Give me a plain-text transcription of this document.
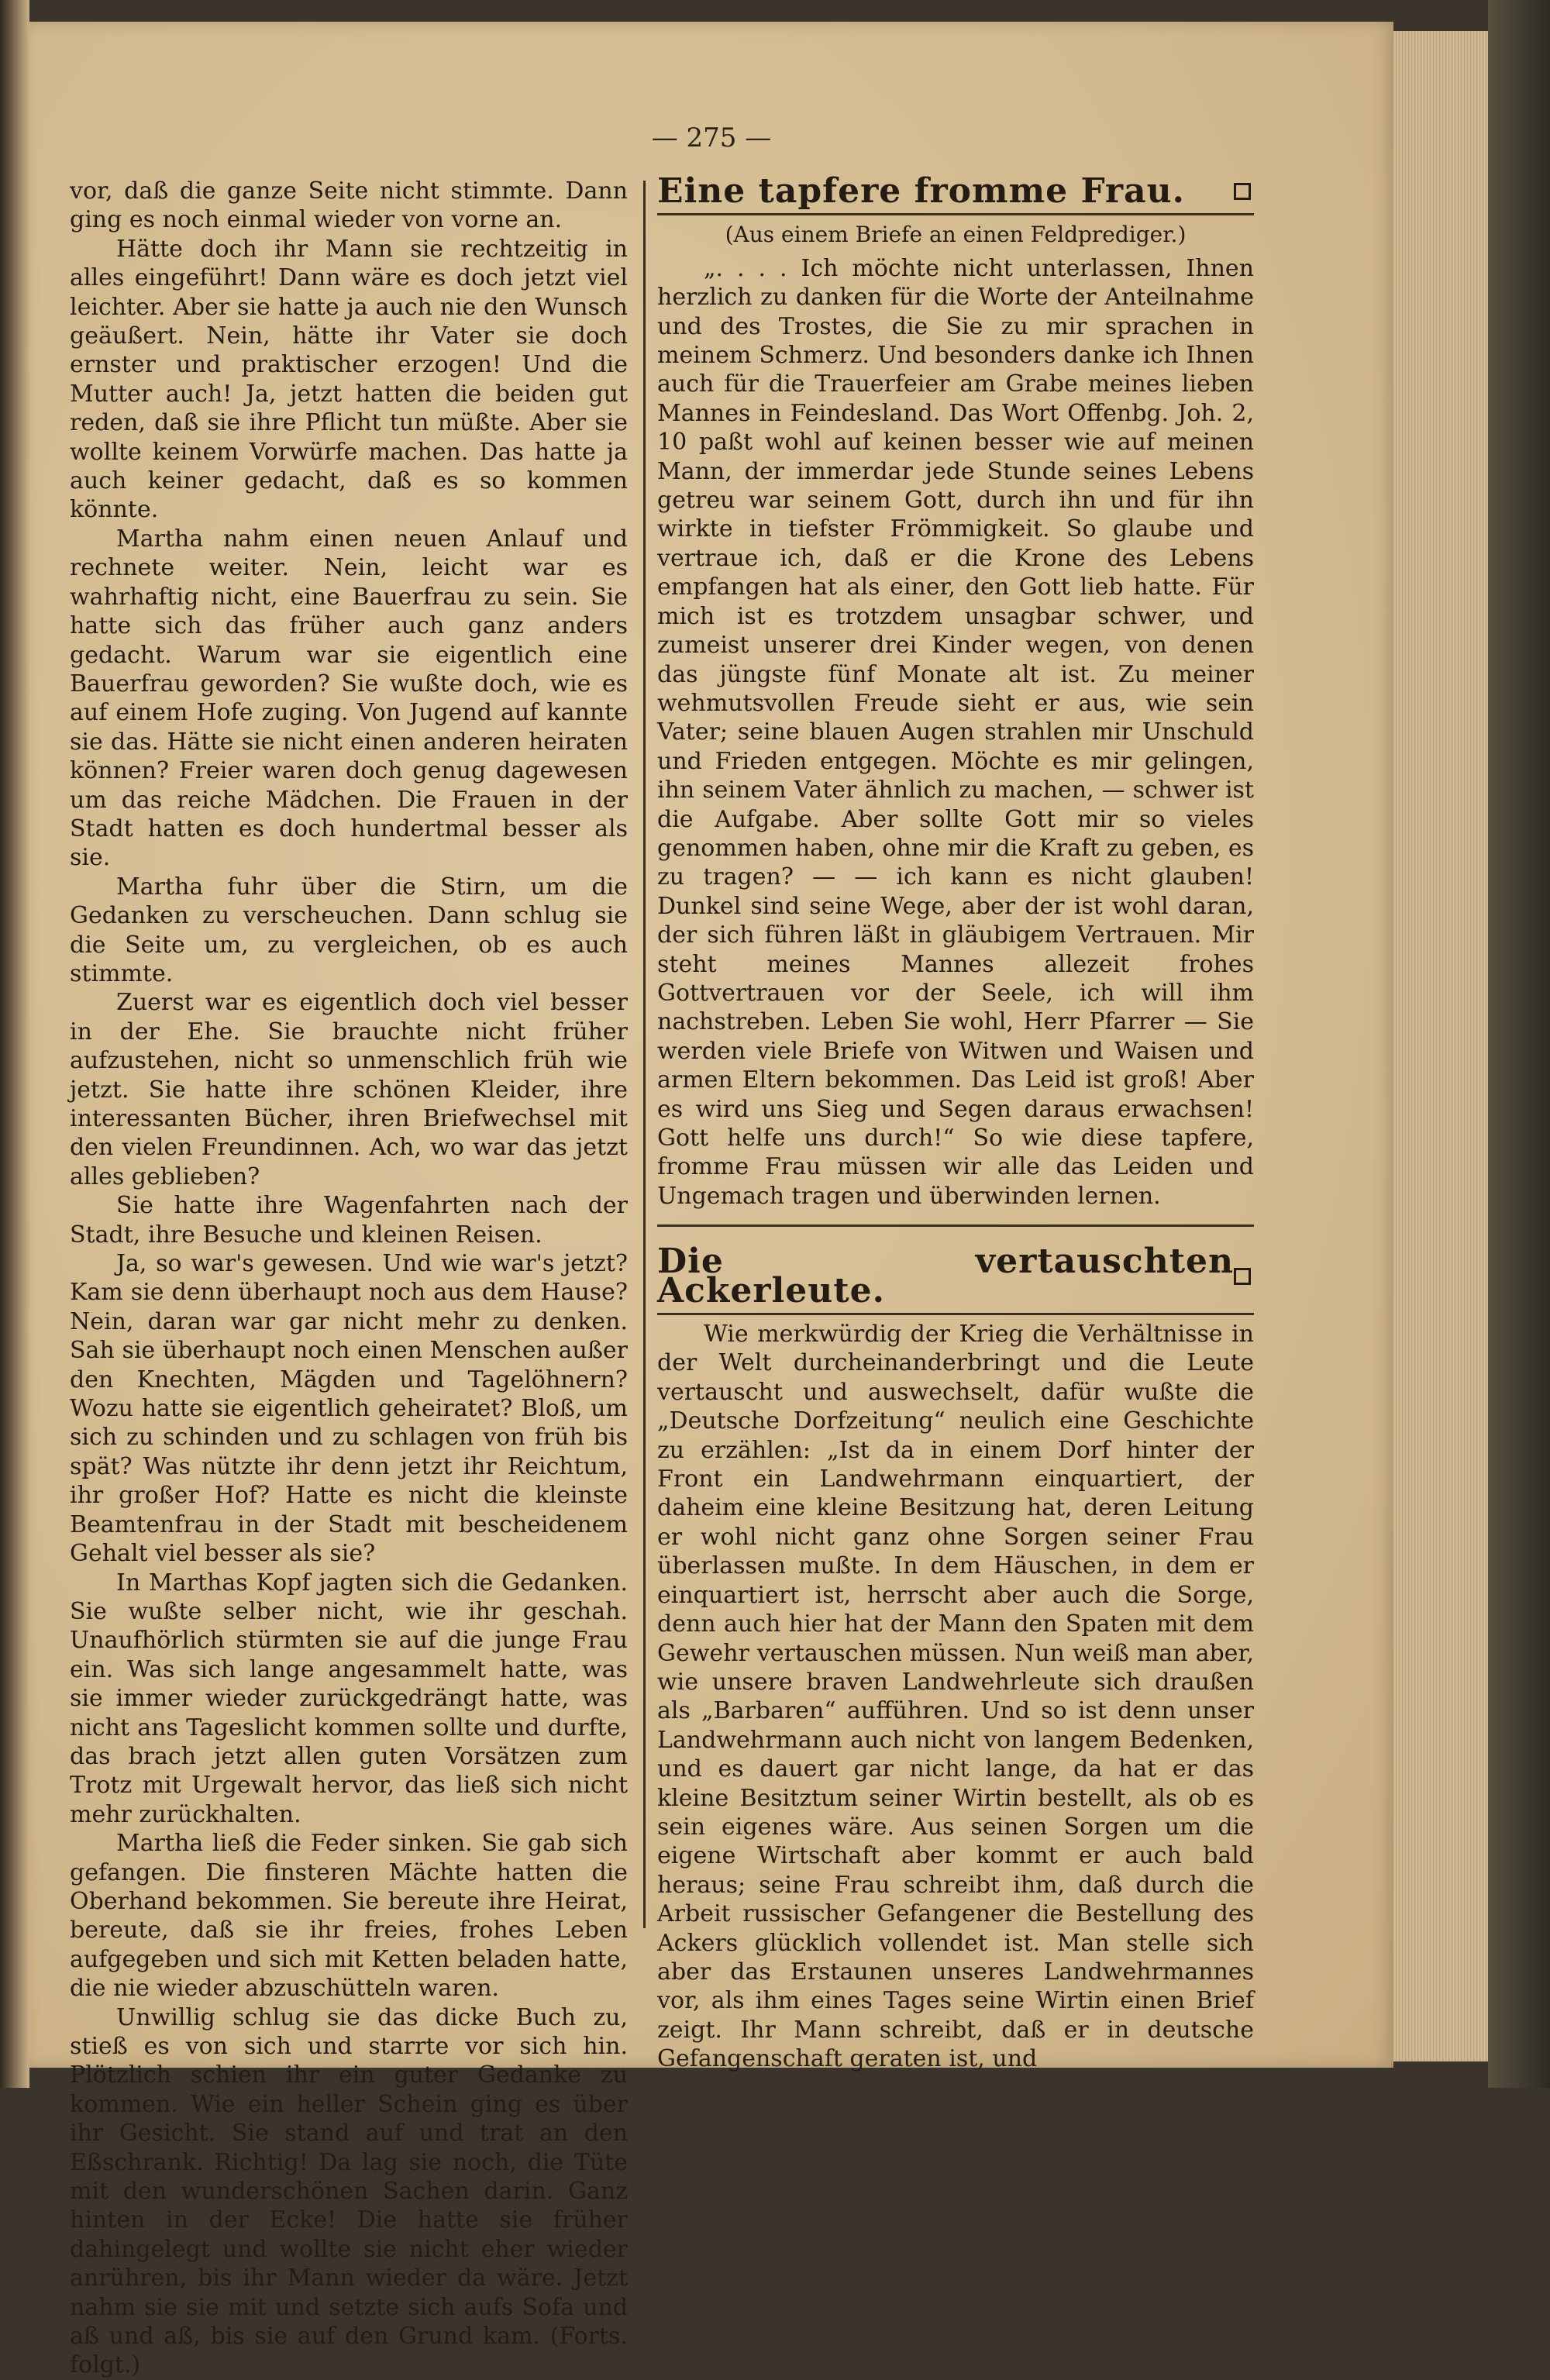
— 275 —

vor, daß die ganze Seite nicht stimmte. Dann ging es noch einmal wieder von vorne an.

Hätte doch ihr Mann sie rechtzeitig in alles eingeführt! Dann wäre es doch jetzt viel leichter. Aber sie hatte ja auch nie den Wunsch geäußert. Nein, hätte ihr Vater sie doch ernster und praktischer erzogen! Und die Mutter auch! Ja, jetzt hatten die beiden gut reden, daß sie ihre Pflicht tun müßte. Aber sie wollte keinem Vorwürfe machen. Das hatte ja auch keiner gedacht, daß es so kommen könnte.

Martha nahm einen neuen Anlauf und rechnete weiter. Nein, leicht war es wahrhaftig nicht, eine Bauerfrau zu sein. Sie hatte sich das früher auch ganz anders gedacht. Warum war sie eigentlich eine Bauerfrau geworden? Sie wußte doch, wie es auf einem Hofe zuging. Von Jugend auf kannte sie das. Hätte sie nicht einen anderen heiraten können? Freier waren doch genug dagewesen um das reiche Mädchen. Die Frauen in der Stadt hatten es doch hundertmal besser als sie.

Martha fuhr über die Stirn, um die Gedanken zu verscheuchen. Dann schlug sie die Seite um, zu vergleichen, ob es auch stimmte.

Zuerst war es eigentlich doch viel besser in der Ehe. Sie brauchte nicht früher aufzustehen, nicht so unmenschlich früh wie jetzt. Sie hatte ihre schönen Kleider, ihre interessanten Bücher, ihren Briefwechsel mit den vielen Freundinnen. Ach, wo war das jetzt alles geblieben?

Sie hatte ihre Wagenfahrten nach der Stadt, ihre Besuche und kleinen Reisen.

Ja, so war's gewesen. Und wie war's jetzt? Kam sie denn überhaupt noch aus dem Hause? Nein, daran war gar nicht mehr zu denken. Sah sie überhaupt noch einen Menschen außer den Knechten, Mägden und Tagelöhnern? Wozu hatte sie eigentlich geheiratet? Bloß, um sich zu schinden und zu schlagen von früh bis spät? Was nützte ihr denn jetzt ihr Reichtum, ihr großer Hof? Hatte es nicht die kleinste Beamtenfrau in der Stadt mit bescheidenem Gehalt viel besser als sie?

In Marthas Kopf jagten sich die Gedanken. Sie wußte selber nicht, wie ihr geschah. Unaufhörlich stürmten sie auf die junge Frau ein. Was sich lange angesammelt hatte, was sie immer wieder zurückgedrängt hatte, was nicht ans Tageslicht kommen sollte und durfte, das brach jetzt allen guten Vorsätzen zum Trotz mit Urgewalt hervor, das ließ sich nicht mehr zurückhalten.

Martha ließ die Feder sinken. Sie gab sich gefangen. Die finsteren Mächte hatten die Oberhand bekommen. Sie bereute ihre Heirat, bereute, daß sie ihr freies, frohes Leben aufgegeben und sich mit Ketten beladen hatte, die nie wieder abzuschütteln waren.

Unwillig schlug sie das dicke Buch zu, stieß es von sich und starrte vor sich hin. Plötzlich schien ihr ein guter Gedanke zu kommen. Wie ein heller Schein ging es über ihr Gesicht. Sie stand auf und trat an den Eßschrank. Richtig! Da lag sie noch, die Tüte mit den wunderschönen Sachen darin. Ganz hinten in der Ecke! Die hatte sie früher dahingelegt und wollte sie nicht eher wieder anrühren, bis ihr Mann wieder da wäre. Jetzt nahm sie sie mit und setzte sich aufs Sofa und aß und aß, bis sie auf den Grund kam. (Forts. folgt.)

Eine tapfere fromme Frau.
(Aus einem Briefe an einen Feldprediger.)

„. . . . Ich möchte nicht unterlassen, Ihnen herzlich zu danken für die Worte der Anteilnahme und des Trostes, die Sie zu mir sprachen in meinem Schmerz. Und besonders danke ich Ihnen auch für die Trauerfeier am Grabe meines lieben Mannes in Feindesland. Das Wort Offenbg. Joh. 2, 10 paßt wohl auf keinen besser wie auf meinen Mann, der immerdar jede Stunde seines Lebens getreu war seinem Gott, durch ihn und für ihn wirkte in tiefster Frömmigkeit. So glaube und vertraue ich, daß er die Krone des Lebens empfangen hat als einer, den Gott lieb hatte. Für mich ist es trotzdem unsagbar schwer, und zumeist unserer drei Kinder wegen, von denen das jüngste fünf Monate alt ist. Zu meiner wehmutsvollen Freude sieht er aus, wie sein Vater; seine blauen Augen strahlen mir Unschuld und Frieden entgegen. Möchte es mir gelingen, ihn seinem Vater ähnlich zu machen, — schwer ist die Aufgabe. Aber sollte Gott mir so vieles genommen haben, ohne mir die Kraft zu geben, es zu tragen? — — ich kann es nicht glauben! Dunkel sind seine Wege, aber der ist wohl daran, der sich führen läßt in gläubigem Vertrauen. Mir steht meines Mannes allezeit frohes Gottvertrauen vor der Seele, ich will ihm nachstreben. Leben Sie wohl, Herr Pfarrer — Sie werden viele Briefe von Witwen und Waisen und armen Eltern bekommen. Das Leid ist groß! Aber es wird uns Sieg und Segen daraus erwachsen! Gott helfe uns durch!“ So wie diese tapfere, fromme Frau müssen wir alle das Leiden und Ungemach tragen und überwinden lernen.

Die vertauschten Ackerleute.

Wie merkwürdig der Krieg die Verhältnisse in der Welt durcheinanderbringt und die Leute vertauscht und auswechselt, dafür wußte die „Deutsche Dorfzeitung“ neulich eine Geschichte zu erzählen: „Ist da in einem Dorf hinter der Front ein Landwehrmann einquartiert, der daheim eine kleine Besitzung hat, deren Leitung er wohl nicht ganz ohne Sorgen seiner Frau überlassen mußte. In dem Häuschen, in dem er einquartiert ist, herrscht aber auch die Sorge, denn auch hier hat der Mann den Spaten mit dem Gewehr vertauschen müssen. Nun weiß man aber, wie unsere braven Landwehrleute sich draußen als „Barbaren“ aufführen. Und so ist denn unser Landwehrmann auch nicht von langem Bedenken, und es dauert gar nicht lange, da hat er das kleine Besitztum seiner Wirtin bestellt, als ob es sein eigenes wäre. Aus seinen Sorgen um die eigene Wirtschaft aber kommt er auch bald heraus; seine Frau schreibt ihm, daß durch die Arbeit russischer Gefangener die Bestellung des Ackers glücklich vollendet ist. Man stelle sich aber das Erstaunen unseres Landwehrmannes vor, als ihm eines Tages seine Wirtin einen Brief zeigt. Ihr Mann schreibt, daß er in deutsche Gefangenschaft geraten ist, und
